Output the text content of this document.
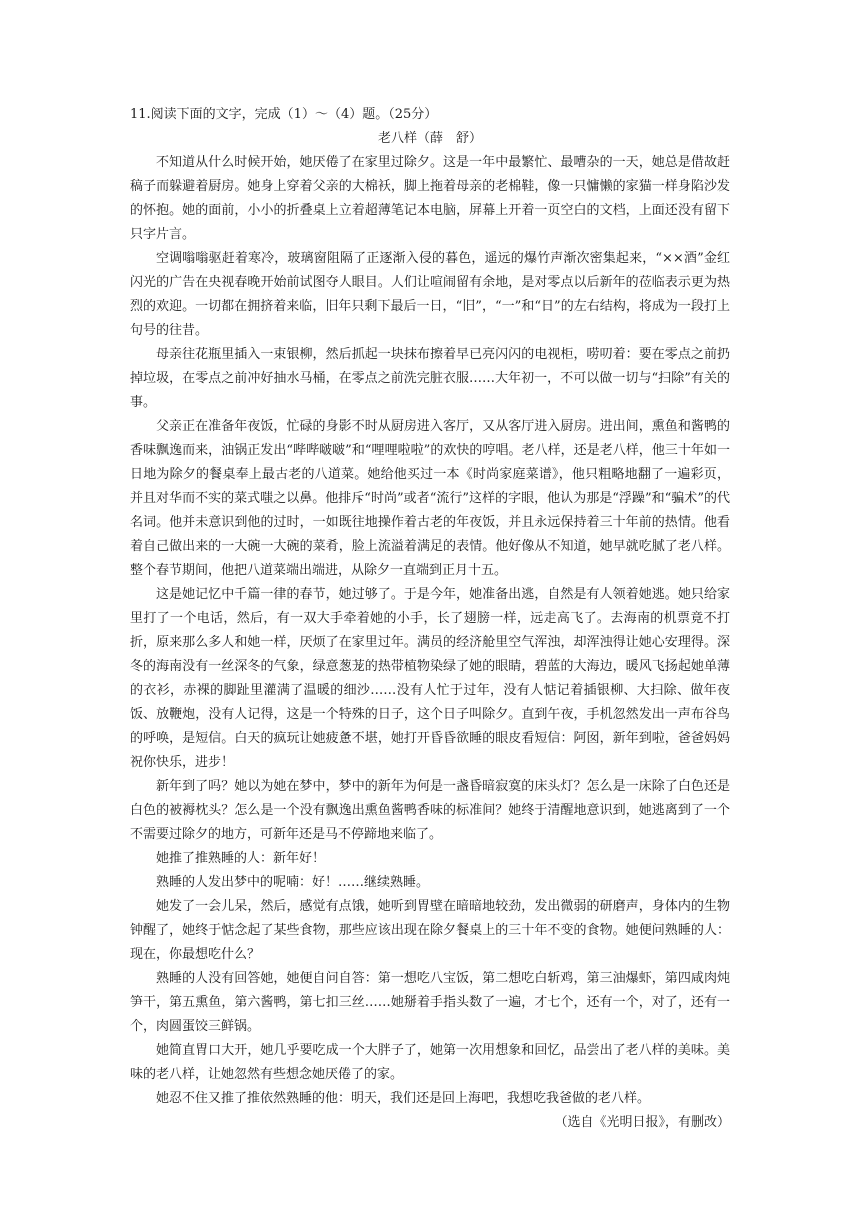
11.阅读下面的文字，完成（1）～（4）题。（25分）

老八样（薛　舒）

不知道从什么时候开始，她厌倦了在家里过除夕。这是一年中最繁忙、最嘈杂的一天，她总是借故赶稿子而躲避着厨房。她身上穿着父亲的大棉袄，脚上拖着母亲的老棉鞋，像一只慵懒的家猫一样身陷沙发的怀抱。她的面前，小小的折叠桌上立着超薄笔记本电脑，屏幕上开着一页空白的文档，上面还没有留下只字片言。

空调嗡嗡驱赶着寒冷，玻璃窗阻隔了正逐渐入侵的暮色，遥远的爆竹声渐次密集起来，“××酒”金红闪光的广告在央视春晚开始前试图夺人眼目。人们让喧闹留有余地，是对零点以后新年的莅临表示更为热烈的欢迎。一切都在拥挤着来临，旧年只剩下最后一日，“旧”，“一”和“日”的左右结构，将成为一段打上句号的往昔。

母亲往花瓶里插入一束银柳，然后抓起一块抹布擦着早已亮闪闪的电视柜，唠叨着：要在零点之前扔掉垃圾，在零点之前冲好抽水马桶，在零点之前洗完脏衣服……大年初一，不可以做一切与“扫除”有关的事。

父亲正在准备年夜饭，忙碌的身影不时从厨房进入客厅，又从客厅进入厨房。进出间，熏鱼和酱鸭的香味飘逸而来，油锅正发出“哔哔啵啵”和“哩哩啦啦”的欢快的哼唱。老八样，还是老八样，他三十年如一日地为除夕的餐桌奉上最古老的八道菜。她给他买过一本《时尚家庭菜谱》，他只粗略地翻了一遍彩页，并且对华而不实的菜式嗤之以鼻。他排斥“时尚”或者“流行”这样的字眼，他认为那是“浮躁”和“骗术”的代名词。他并未意识到他的过时，一如既往地操作着古老的年夜饭，并且永远保持着三十年前的热情。他看着自己做出来的一大碗一大碗的菜肴，脸上流溢着满足的表情。他好像从不知道，她早就吃腻了老八样。整个春节期间，他把八道菜端出端进，从除夕一直端到正月十五。

这是她记忆中千篇一律的春节，她过够了。于是今年，她准备出逃，自然是有人领着她逃。她只给家里打了一个电话，然后，有一双大手牵着她的小手，长了翅膀一样，远走高飞了。去海南的机票竟不打折，原来那么多人和她一样，厌烦了在家里过年。满员的经济舱里空气浑浊，却浑浊得让她心安理得。深冬的海南没有一丝深冬的气象，绿意葱茏的热带植物染绿了她的眼睛，碧蓝的大海边，暖风飞扬起她单薄的衣衫，赤裸的脚趾里灌满了温暖的细沙……没有人忙于过年，没有人惦记着插银柳、大扫除、做年夜饭、放鞭炮，没有人记得，这是一个特殊的日子，这个日子叫除夕。直到午夜，手机忽然发出一声布谷鸟的呼唤，是短信。白天的疯玩让她疲惫不堪，她打开昏昏欲睡的眼皮看短信：阿囡，新年到啦，爸爸妈妈祝你快乐，进步！

新年到了吗？她以为她在梦中，梦中的新年为何是一盏昏暗寂寞的床头灯？怎么是一床除了白色还是白色的被褥枕头？怎么是一个没有飘逸出熏鱼酱鸭香味的标准间？她终于清醒地意识到，她逃离到了一个不需要过除夕的地方，可新年还是马不停蹄地来临了。

她推了推熟睡的人：新年好！

熟睡的人发出梦中的呢喃：好！……继续熟睡。

她发了一会儿呆，然后，感觉有点饿，她听到胃壁在暗暗地较劲，发出微弱的研磨声，身体内的生物钟醒了，她终于惦念起了某些食物，那些应该出现在除夕餐桌上的三十年不变的食物。她便问熟睡的人：现在，你最想吃什么？

熟睡的人没有回答她，她便自问自答：第一想吃八宝饭，第二想吃白斩鸡，第三油爆虾，第四咸肉炖笋干，第五熏鱼，第六酱鸭，第七扣三丝……她掰着手指头数了一遍，才七个，还有一个，对了，还有一个，肉圆蛋饺三鲜锅。

她简直胃口大开，她几乎要吃成一个大胖子了，她第一次用想象和回忆，品尝出了老八样的美味。美味的老八样，让她忽然有些想念她厌倦了的家。

她忍不住又推了推依然熟睡的他：明天，我们还是回上海吧，我想吃我爸做的老八样。

（选自《光明日报》，有删改）
